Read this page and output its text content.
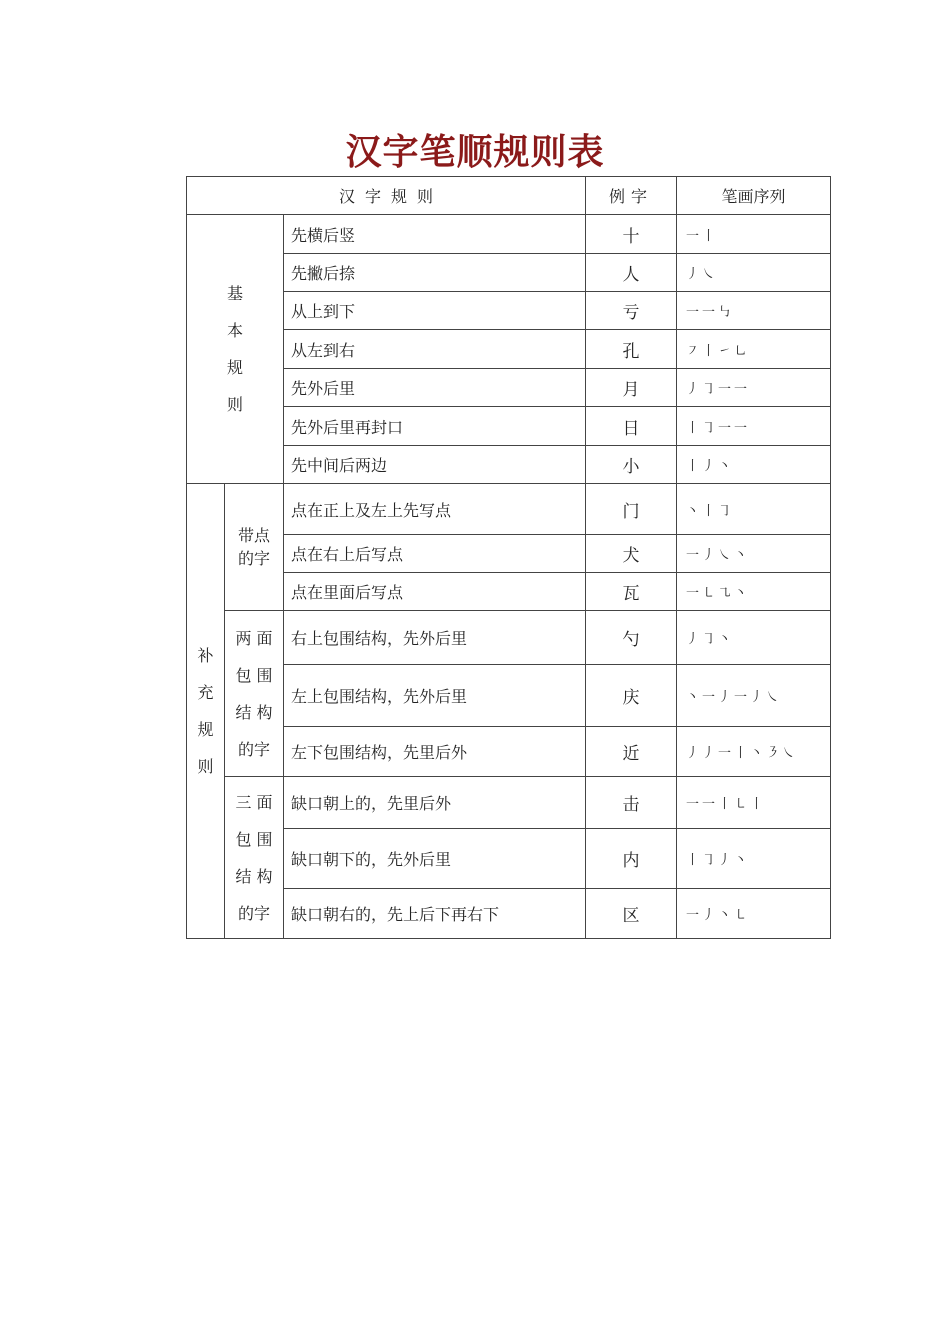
汉字笔顺规则表
汉字规则			例字	笔画序列

基
本
规
则		先横后竖	十	一丨
		先撇后捺	人	丿㇏
		从上到下	亏	一一㇉
		从左到右	孔	㇇丨㇀㇟
		先外后里	月	丿㇆一一
		先外后里再封口	日	丨㇆一一
		先中间后两边	小	丨丿丶

补
充
规
则	带点
的字	点在正上及左上先写点	门	丶丨㇆
		点在右上后写点	犬	一丿㇏丶
		点在里面后写点	瓦	一㇄㇈丶

	两 面
包 围
结 构
的字	右上包围结构，先外后里	勺	丿㇆丶
		左上包围结构，先外后里	庆	丶一丿一丿㇏
		左下包围结构，先里后外	近	丿丿一丨丶㇋㇏

	三 面
包 围
结 构
的字	缺口朝上的，先里后外	击	一一丨㇄丨
		缺口朝下的，先外后里	内	丨㇆丿丶
		缺口朝右的，先上后下再右下	区	一丿丶㇄
